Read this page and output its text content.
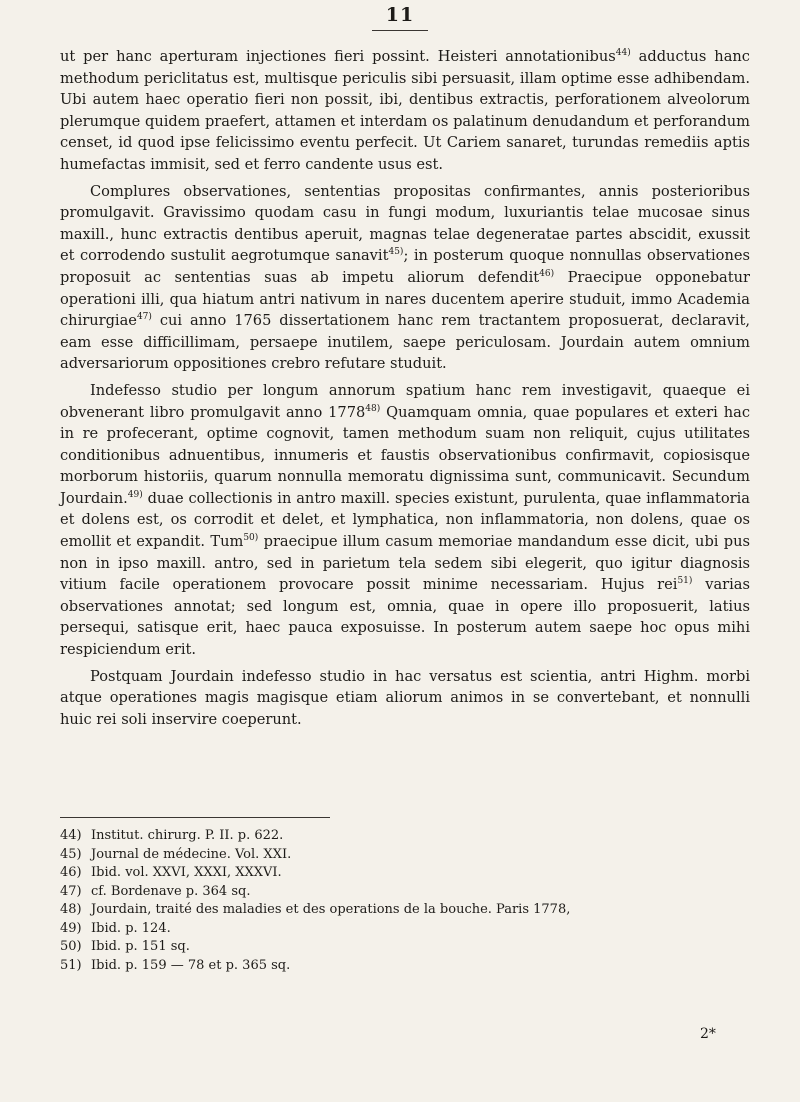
11

ut per hanc aperturam injectiones fieri possint. Heisteri annotationibus$^{44)}$ adductus hanc methodum periclitatus est, multisque periculis sibi persuasit, illam optime esse adhibendam. Ubi autem haec operatio fieri non possit, ibi, dentibus extractis, perforationem alveolorum plerumque quidem praefert, attamen et interdam os palatinum denudandum et perforandum censet, id quod ipse felicissimo eventu perfecit. Ut Cariem sanaret, turundas remediis aptis humefactas immisit, sed et ferro candente usus est.

Complures observationes, sententias propositas confirmantes, annis posterioribus promulgavit. Gravissimo quodam casu in fungi modum, luxuriantis telae mucosae sinus maxill., hunc extractis dentibus aperuit, magnas telae degeneratae partes abscidit, exussit et corrodendo sustulit aegrotumque sanavit$^{45)}$; in posterum quoque nonnullas observationes proposuit ac sententias suas ab impetu aliorum defendit$^{46)}$ Praecipue opponebatur operationi illi, qua hiatum antri nativum in nares ducentem aperire studuit, immo Academia chirurgiae$^{47)}$ cui anno 1765 dissertationem hanc rem tractantem proposuerat, declaravit, eam esse difficillimam, persaepe inutilem, saepe periculosam. Jourdain autem omnium adversariorum oppositiones crebro refutare studuit.

Indefesso studio per longum annorum spatium hanc rem investigavit, quaeque ei obvenerant libro promulgavit anno 1778$^{48)}$ Quamquam omnia, quae populares et exteri hac in re profecerant, optime cognovit, tamen methodum suam non reliquit, cujus utilitates conditionibus adnuentibus, innumeris et faustis observationibus confirmavit, copiosisque morborum historiis, quarum nonnulla memoratu dignissima sunt, communicavit. Secundum Jourdain.$^{49)}$ duae collectionis in antro maxill. species existunt, purulenta, quae inflammatoria et dolens est, os corrodit et delet, et lymphatica, non inflammatoria, non dolens, quae os emollit et expandit. Tum$^{50)}$ praecipue illum casum memoriae mandandum esse dicit, ubi pus non in ipso maxill. antro, sed in parietum tela sedem sibi elegerit, quo igitur diagnosis vitium facile operationem provocare possit minime necessariam. Hujus rei$^{51)}$ varias observationes annotat; sed longum est, omnia, quae in opere illo proposuerit, latius persequi, satisque erit, haec pauca exposuisse. In posterum autem saepe hoc opus mihi respiciendum erit.

Postquam Jourdain indefesso studio in hac versatus est scientia, antri Highm. morbi atque operationes magis magisque etiam aliorum animos in se convertebant, et nonnulli huic rei soli inservire coeperunt.

44) Institut. chirurg. P. II. p. 622.
45) Journal de médecine. Vol. XXI.
46) Ibid. vol. XXVI, XXXI, XXXVI.
47) cf. Bordenave p. 364 sq.
48) Jourdain, traité des maladies et des operations de la bouche. Paris 1778,
49) Ibid. p. 124.
50) Ibid. p. 151 sq.
51) Ibid. p. 159 — 78 et p. 365 sq.
2*
